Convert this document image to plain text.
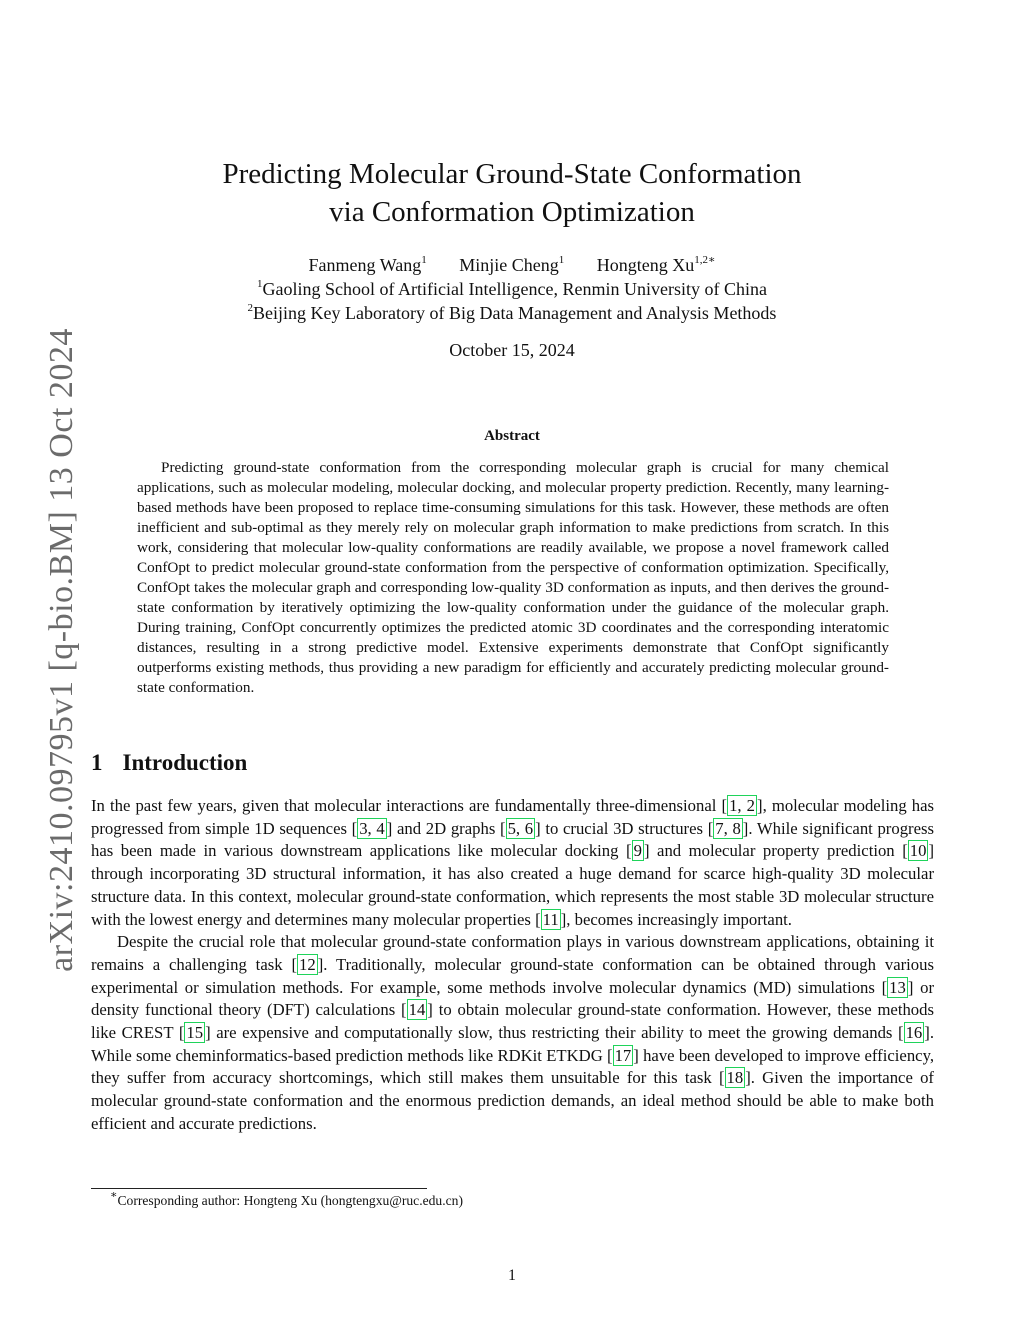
arXiv:2410.09795v1 [q-bio.BM] 13 Oct 2024
Predicting Molecular Ground-State Conformation
via Conformation Optimization
Fanmeng Wang$^1$ Minjie Cheng$^1$ Hongteng $Xu^{1,2∗}$
$^1$Gaoling School of Artificial Intelligence, Renmin University of China
$^2$Beijing Key Laboratory of Big Data Management and Analysis Methods
October 15, 2024
Abstract

Predicting ground-state conformation from the corresponding molecular graph is crucial for many chemical applications, such as molecular modeling, molecular docking, and molecular property prediction. Recently, many learning-based methods have been proposed to replace time-consuming simulations for this task. However, these methods are often inefficient and sub-optimal as they merely rely on molecular graph information to make predictions from scratch. In this work, considering that molecular low-quality conformations are readily available, we propose a novel framework called ConfOpt to predict molecular ground-state conformation from the perspective of conformation optimization. Specifically, ConfOpt takes the molecular graph and corresponding low-quality 3D conformation as inputs, and then derives the ground-state conformation by iteratively optimizing the low-quality conformation under the guidance of the molecular graph. During training, ConfOpt concurrently optimizes the predicted atomic 3D coordinates and the corresponding interatomic distances, resulting in a strong predictive model. Extensive experiments demonstrate that ConfOpt significantly outperforms existing methods, thus providing a new paradigm for efficiently and accurately predicting molecular ground-state conformation.

1 Introduction

In the past few years, given that molecular interactions are fundamentally three-dimensional [ 1, 2 ], molecular modeling has progressed from simple 1D sequences [ 3, 4 ] and 2D graphs [ 5, 6 ] to crucial 3D structures [ 7, 8 ]. While significant progress has been made in various downstream applications like molecular docking [ 9 ] and molecular property prediction [ 10 ] through incorporating 3D structural information, it has also created a huge demand for scarce high-quality 3D molecular structure data. In this context, molecular ground-state conformation, which represents the most stable 3D molecular structure with the lowest energy and determines many molecular properties [ 11 ], becomes increasingly important.

Despite the crucial role that molecular ground-state conformation plays in various downstream applications, obtaining it remains a challenging task [ 12 ]. Traditionally, molecular ground-state conformation can be obtained through various experimental or simulation methods. For example, some methods involve molecular dynamics (MD) simulations [ 13 ] or density functional theory (DFT) calculations [ 14 ] to obtain molecular ground-state conformation. However, these methods like CREST [ 15 ] are expensive and computationally slow, thus restricting their ability to meet the growing demands [ 16 ]. While some cheminformatics-based prediction methods like RDKit ETKDG [ 17 ] have been developed to improve efficiency, they suffer from accuracy shortcomings, which still makes them unsuitable for this task [ 18 ]. Given the importance of molecular ground-state conformation and the enormous prediction demands, an ideal method should be able to make both efficient and accurate predictions.

∗Corresponding author: Hongteng Xu (hongtengxu@ruc.edu.cn)
1
